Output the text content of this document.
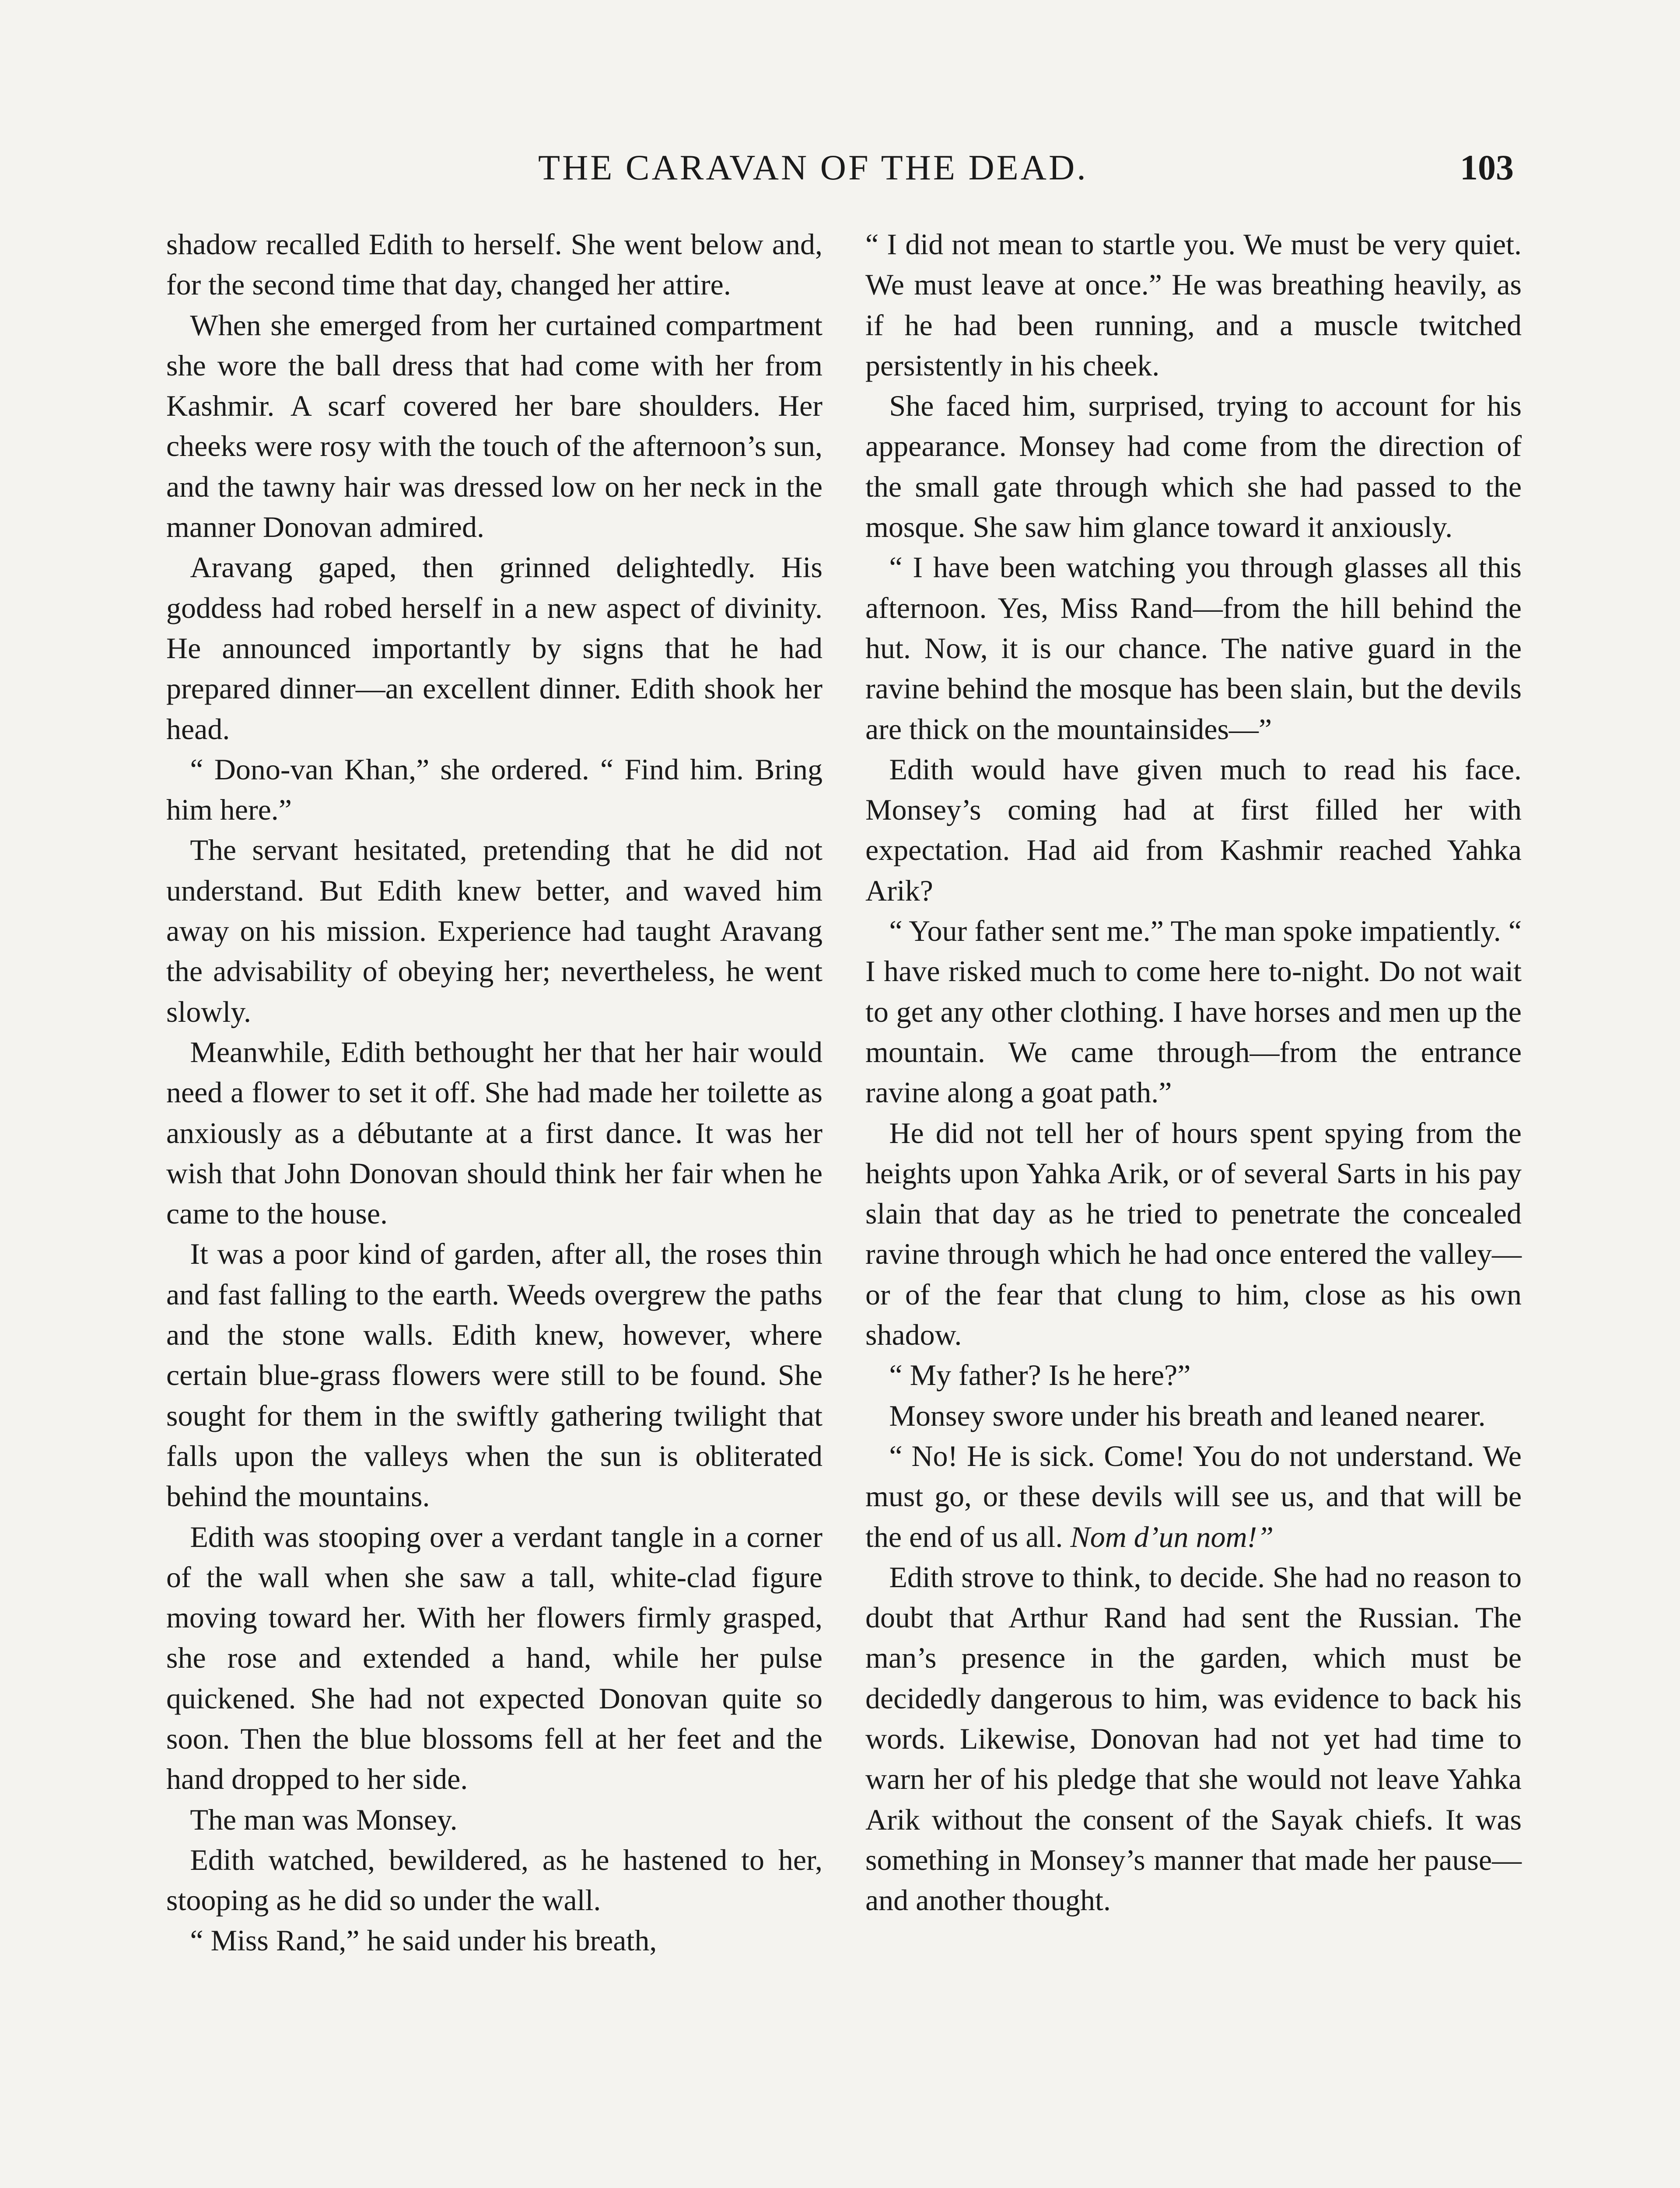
THE CARAVAN OF THE DEAD.	103

shadow recalled Edith to herself. She went below and, for the second time that day, changed her attire.

When she emerged from her curtained compartment she wore the ball dress that had come with her from Kashmir. A scarf covered her bare shoulders. Her cheeks were rosy with the touch of the afternoon’s sun, and the tawny hair was dressed low on her neck in the manner Donovan admired.

Aravang gaped, then grinned delightedly. His goddess had robed herself in a new aspect of divinity. He announced importantly by signs that he had prepared dinner—an excellent dinner. Edith shook her head.

“ Dono-van Khan,” she ordered. “ Find him. Bring him here.”

The servant hesitated, pretending that he did not understand. But Edith knew better, and waved him away on his mission. Experience had taught Aravang the advisability of obeying her; nevertheless, he went slowly.

Meanwhile, Edith bethought her that her hair would need a flower to set it off. She had made her toilette as anxiously as a débutante at a first dance. It was her wish that John Donovan should think her fair when he came to the house.

It was a poor kind of garden, after all, the roses thin and fast falling to the earth. Weeds overgrew the paths and the stone walls. Edith knew, however, where certain blue-grass flowers were still to be found. She sought for them in the swiftly gathering twilight that falls upon the valleys when the sun is obliterated behind the mountains.

Edith was stooping over a verdant tangle in a corner of the wall when she saw a tall, white-clad figure moving toward her. With her flowers firmly grasped, she rose and extended a hand, while her pulse quickened. She had not expected Donovan quite so soon. Then the blue blossoms fell at her feet and the hand dropped to her side.

The man was Monsey.

Edith watched, bewildered, as he hastened to her, stooping as he did so under the wall.

“ Miss Rand,” he said under his breath,

“ I did not mean to startle you. We must be very quiet. We must leave at once.” He was breathing heavily, as if he had been running, and a muscle twitched persistently in his cheek.

She faced him, surprised, trying to account for his appearance. Monsey had come from the direction of the small gate through which she had passed to the mosque. She saw him glance toward it anxiously.

“ I have been watching you through glasses all this afternoon. Yes, Miss Rand—from the hill behind the hut. Now, it is our chance. The native guard in the ravine behind the mosque has been slain, but the devils are thick on the mountainsides—”

Edith would have given much to read his face. Monsey’s coming had at first filled her with expectation. Had aid from Kashmir reached Yahka Arik?

“ Your father sent me.” The man spoke impatiently. “ I have risked much to come here to-night. Do not wait to get any other clothing. I have horses and men up the mountain. We came through—from the entrance ravine along a goat path.”

He did not tell her of hours spent spying from the heights upon Yahka Arik, or of several Sarts in his pay slain that day as he tried to penetrate the concealed ravine through which he had once entered the valley—or of the fear that clung to him, close as his own shadow.

“ My father? Is he here?”

Monsey swore under his breath and leaned nearer.

“ No! He is sick. Come! You do not understand. We must go, or these devils will see us, and that will be the end of us all. Nom d’un nom!”

Edith strove to think, to decide. She had no reason to doubt that Arthur Rand had sent the Russian. The man’s presence in the garden, which must be decidedly dangerous to him, was evidence to back his words. Likewise, Donovan had not yet had time to warn her of his pledge that she would not leave Yahka Arik without the consent of the Sayak chiefs. It was something in Monsey’s manner that made her pause—and another thought.
